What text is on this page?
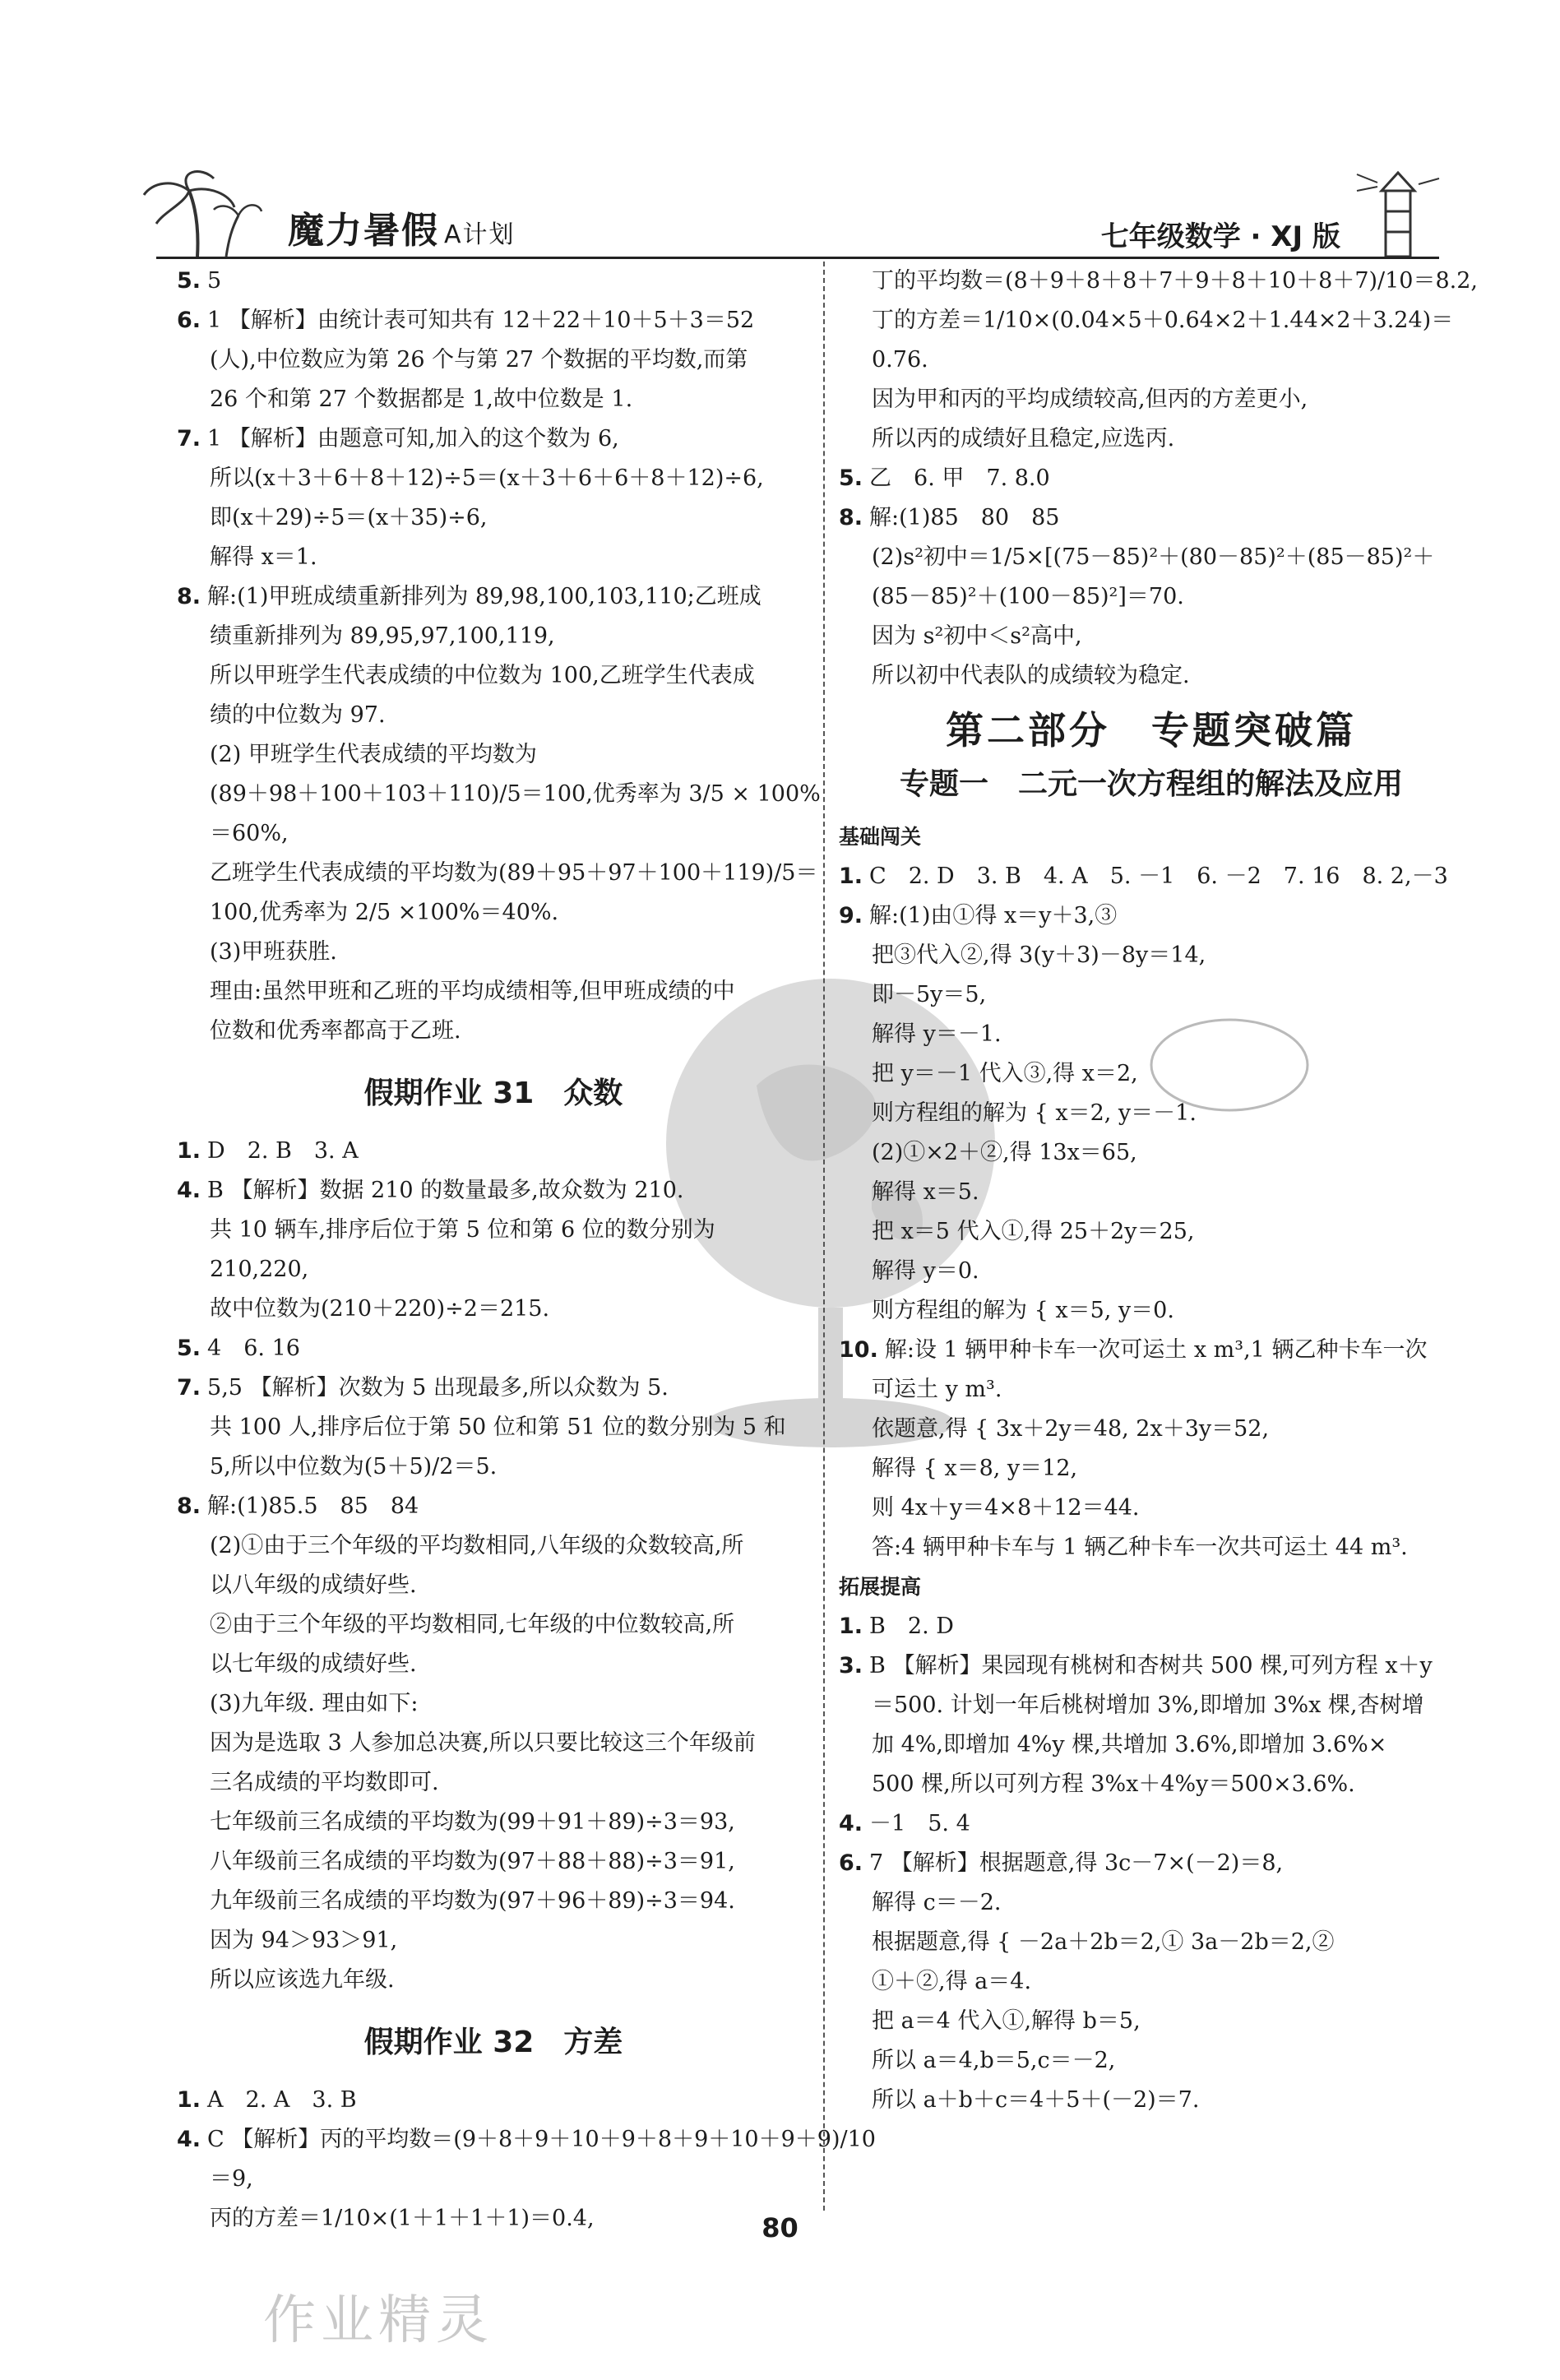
魔力暑假 A计划	七年级数学 · XJ 版
5. 5
6. 1 【解析】由统计表可知共有 12＋22＋10＋5＋3＝52
(人),中位数应为第 26 个与第 27 个数据的平均数,而第
26 个和第 27 个数据都是 1,故中位数是 1.
7. 1 【解析】由题意可知,加入的这个数为 6,
所以(x＋3＋6＋8＋12)÷5＝(x＋3＋6＋6＋8＋12)÷6,
即(x＋29)÷5＝(x＋35)÷6,
解得 x＝1.
8. 解:(1)甲班成绩重新排列为 89,98,100,103,110;乙班成
绩重新排列为 89,95,97,100,119,
所以甲班学生代表成绩的中位数为 100,乙班学生代表成
绩的中位数为 97.
(2) 甲班学生代表成绩的平均数为
(89＋98＋100＋103＋110)/5＝100,优秀率为 3/5 × 100%
＝60%,
乙班学生代表成绩的平均数为(89＋95＋97＋100＋119)/5＝
100,优秀率为 2/5 ×100%＝40%.
(3)甲班获胜.
理由:虽然甲班和乙班的平均成绩相等,但甲班成绩的中
位数和优秀率都高于乙班.
假期作业 31　众数
1. D　2. B　3. A
4. B 【解析】数据 210 的数量最多,故众数为 210.
共 10 辆车,排序后位于第 5 位和第 6 位的数分别为
210,220,
故中位数为(210＋220)÷2＝215.
5. 4　6. 16
7. 5,5 【解析】次数为 5 出现最多,所以众数为 5.
共 100 人,排序后位于第 50 位和第 51 位的数分别为 5 和
5,所以中位数为(5＋5)/2＝5.
8. 解:(1)85.5　85　84
(2)①由于三个年级的平均数相同,八年级的众数较高,所
以八年级的成绩好些.
②由于三个年级的平均数相同,七年级的中位数较高,所
以七年级的成绩好些.
(3)九年级. 理由如下:
因为是选取 3 人参加总决赛,所以只要比较这三个年级前
三名成绩的平均数即可.
七年级前三名成绩的平均数为(99＋91＋89)÷3＝93,
八年级前三名成绩的平均数为(97＋88＋88)÷3＝91,
九年级前三名成绩的平均数为(97＋96＋89)÷3＝94.
因为 94＞93＞91,
所以应该选九年级.
假期作业 32　方差
1. A　2. A　3. B
4. C 【解析】丙的平均数＝(9＋8＋9＋10＋9＋8＋9＋10＋9＋9)/10
＝9,
丙的方差＝1/10×(1＋1＋1＋1)＝0.4,
丁的平均数＝(8＋9＋8＋8＋7＋9＋8＋10＋8＋7)/10＝8.2,
丁的方差＝1/10×(0.04×5＋0.64×2＋1.44×2＋3.24)＝
0.76.
因为甲和丙的平均成绩较高,但丙的方差更小,
所以丙的成绩好且稳定,应选丙.
5. 乙　6. 甲　7. 8.0
8. 解:(1)85　80　85
(2)s²初中＝1/5×[(75－85)²＋(80－85)²＋(85－85)²＋
(85－85)²＋(100－85)²]＝70.
因为 s²初中＜s²高中,
所以初中代表队的成绩较为稳定.
第二部分　专题突破篇
专题一　二元一次方程组的解法及应用
基础闯关
1. C　2. D　3. B　4. A　5. －1　6. －2　7. 16　8. 2,－3
9. 解:(1)由①得 x＝y＋3,③
把③代入②,得 3(y＋3)－8y＝14,
即－5y＝5,
解得 y＝－1.
把 y＝－1 代入③,得 x＝2,
则方程组的解为 { x＝2, y＝－1.
(2)①×2＋②,得 13x＝65,
解得 x＝5.
把 x＝5 代入①,得 25＋2y＝25,
解得 y＝0.
则方程组的解为 { x＝5, y＝0.
10. 解:设 1 辆甲种卡车一次可运土 x m³,1 辆乙种卡车一次
可运土 y m³.
依题意,得 { 3x＋2y＝48, 2x＋3y＝52,
解得 { x＝8, y＝12,
则 4x＋y＝4×8＋12＝44.
答:4 辆甲种卡车与 1 辆乙种卡车一次共可运土 44 m³.
拓展提高
1. B　2. D
3. B 【解析】果园现有桃树和杏树共 500 棵,可列方程 x＋y
＝500. 计划一年后桃树增加 3%,即增加 3%x 棵,杏树增
加 4%,即增加 4%y 棵,共增加 3.6%,即增加 3.6%×
500 棵,所以可列方程 3%x＋4%y＝500×3.6%.
4. －1　5. 4
6. 7 【解析】根据题意,得 3c－7×(－2)＝8,
解得 c＝－2.
根据题意,得 { －2a＋2b＝2,① 3a－2b＝2,②
①＋②,得 a＝4.
把 a＝4 代入①,解得 b＝5,
所以 a＝4,b＝5,c＝－2,
所以 a＋b＋c＝4＋5＋(－2)＝7.
80
作业精灵
